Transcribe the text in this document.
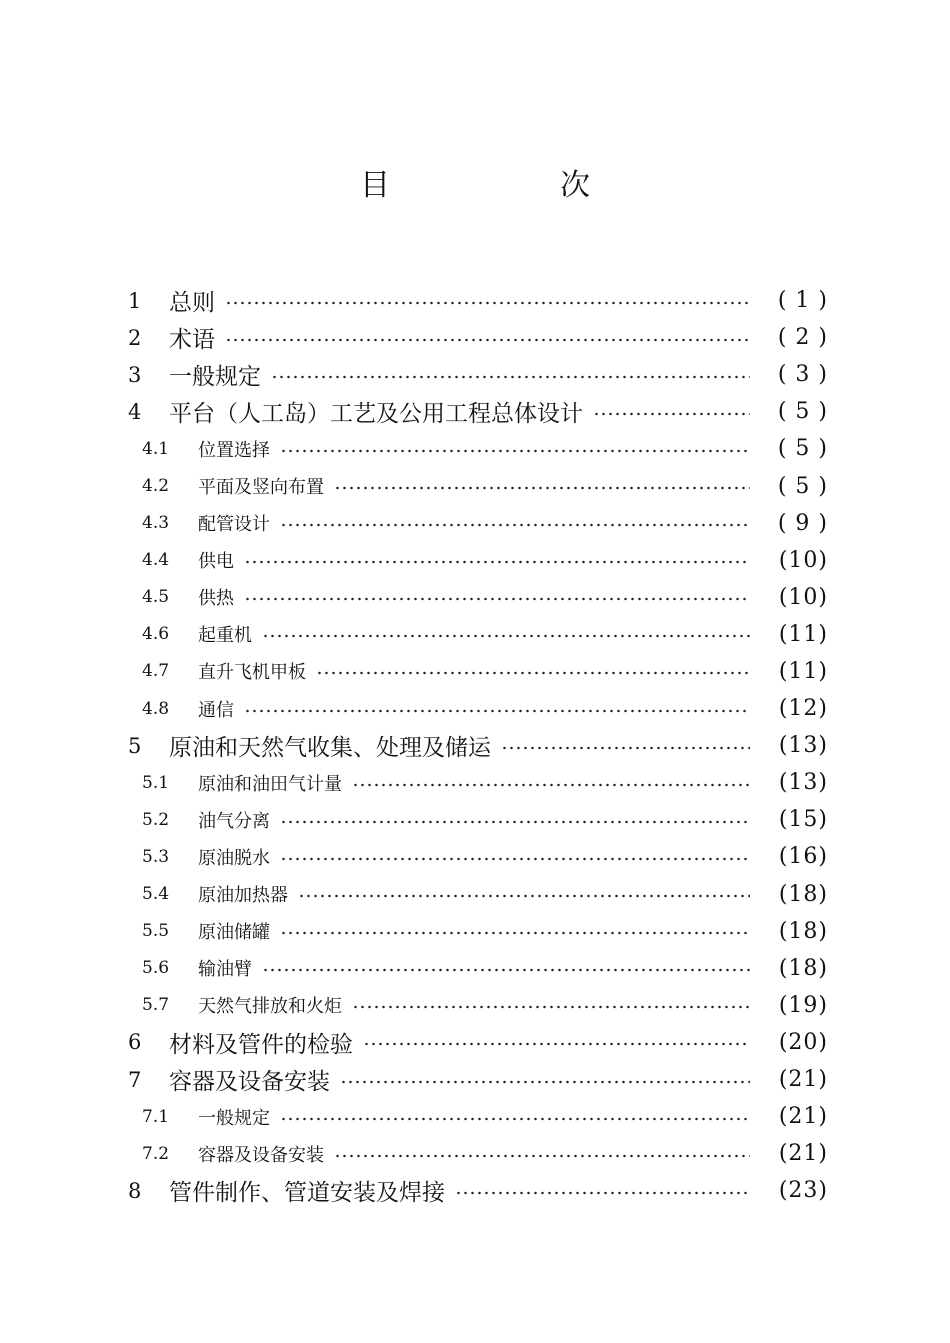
目　次
1	总则	( 1 )
2	术语	( 2 )
3	一般规定	( 3 )
4	平台（人工岛）工艺及公用工程总体设计	( 5 )
4.1	位置选择	( 5 )
4.2	平面及竖向布置	( 5 )
4.3	配管设计	( 9 )
4.4	供电	(10)
4.5	供热	(10)
4.6	起重机	(11)
4.7	直升飞机甲板	(11)
4.8	通信	(12)
5	原油和天然气收集、处理及储运	(13)
5.1	原油和油田气计量	(13)
5.2	油气分离	(15)
5.3	原油脱水	(16)
5.4	原油加热器	(18)
5.5	原油储罐	(18)
5.6	输油臂	(18)
5.7	天然气排放和火炬	(19)
6	材料及管件的检验	(20)
7	容器及设备安装	(21)
7.1	一般规定	(21)
7.2	容器及设备安装	(21)
8	管件制作、管道安装及焊接	(23)
